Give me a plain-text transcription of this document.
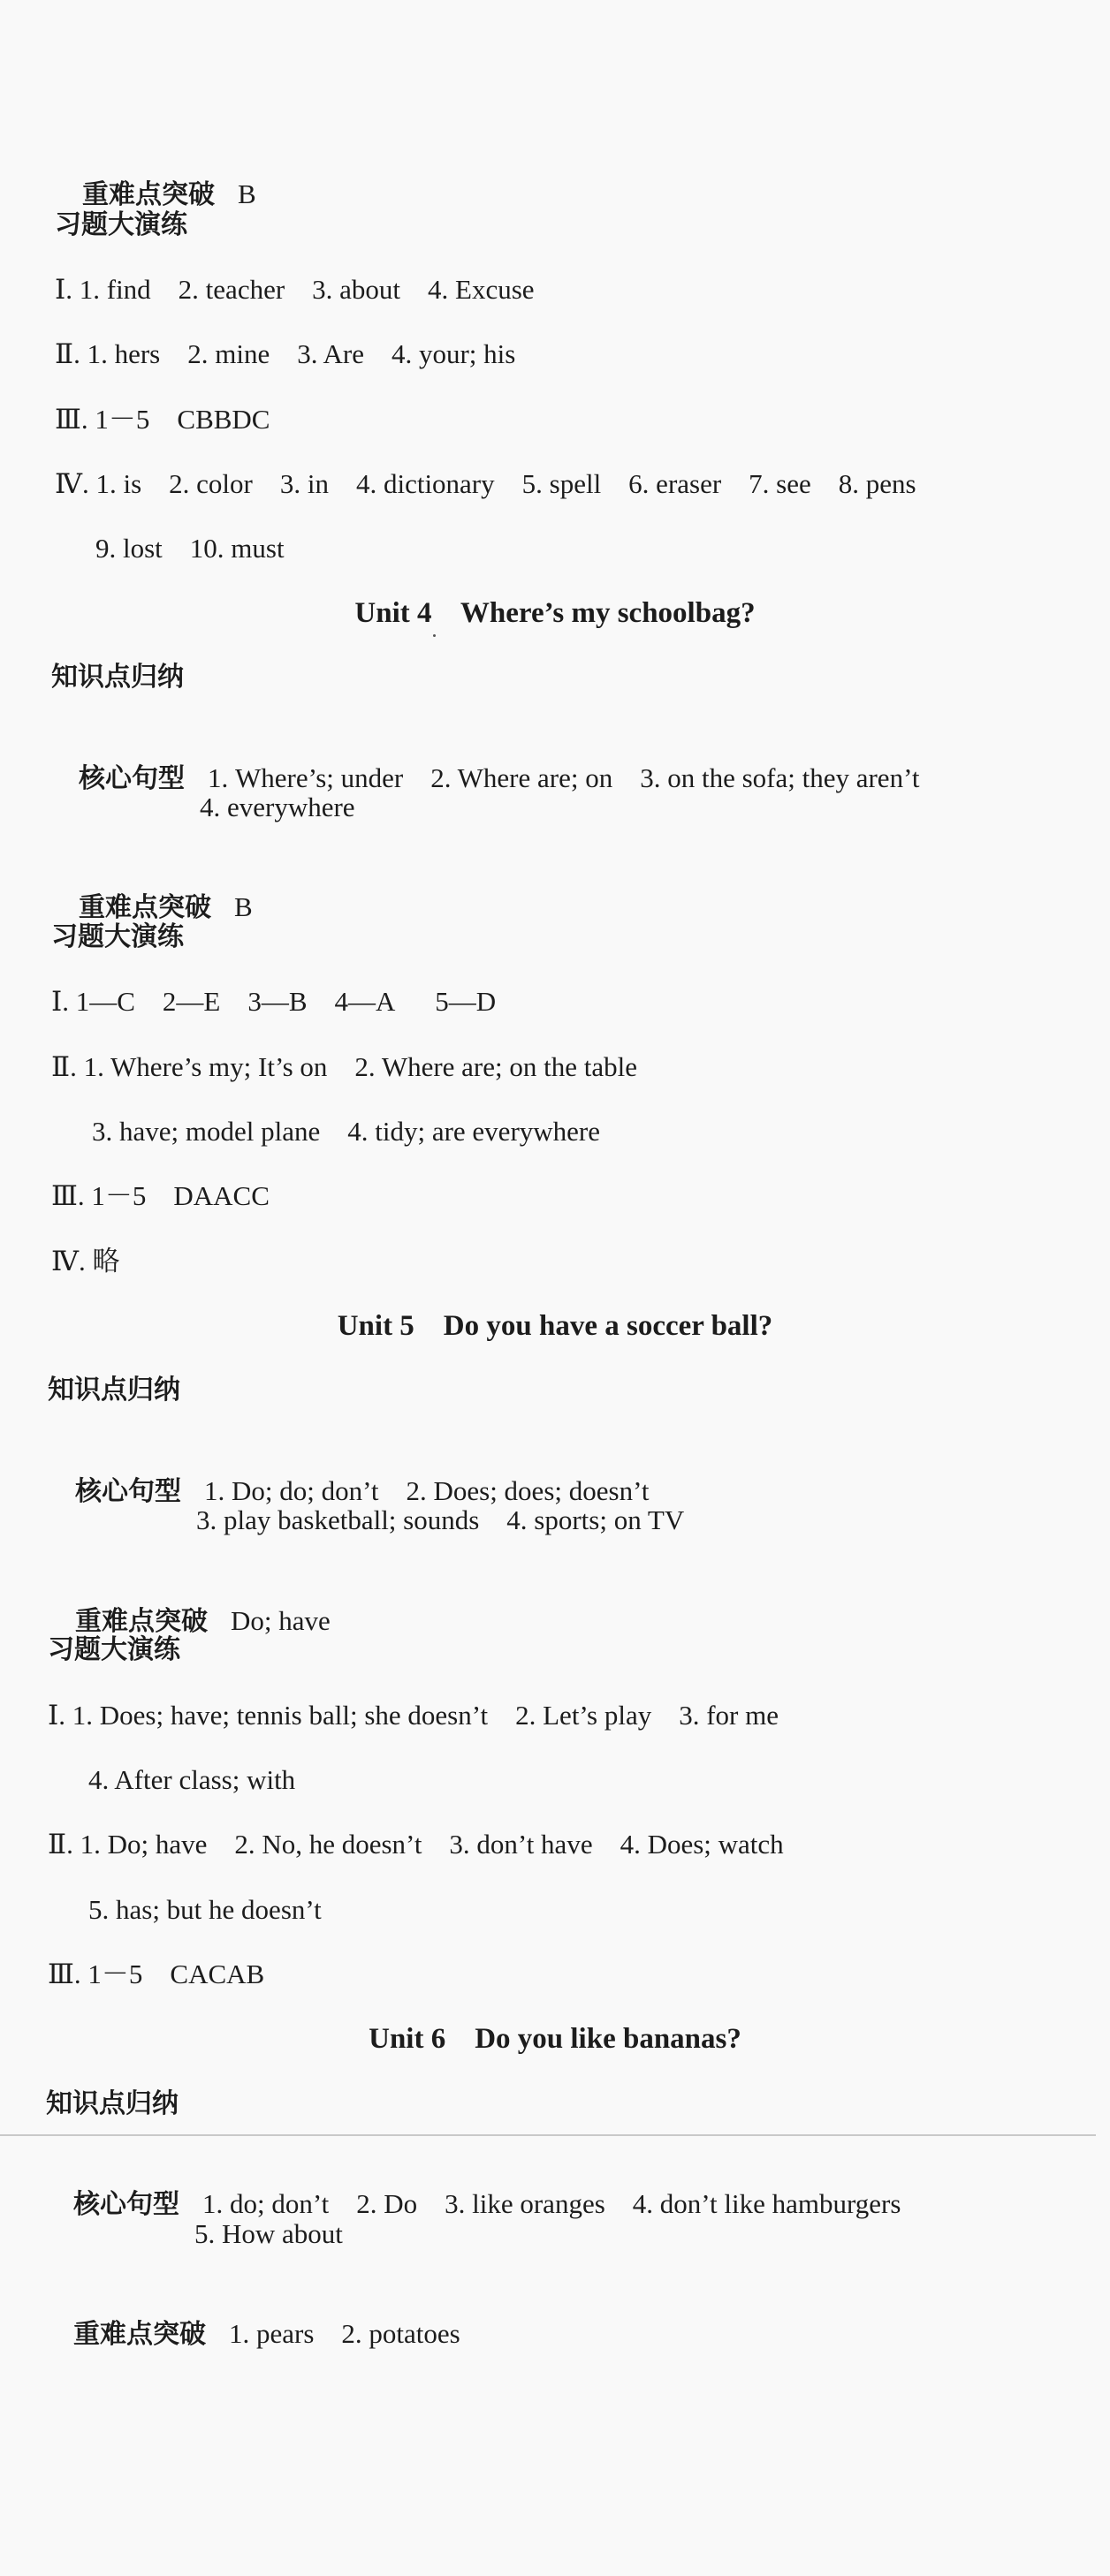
重难点突破 B

习题大演练
Ⅰ. 1. find    2. teacher    3. about    4. Excuse
Ⅱ. 1. hers    2. mine    3. Are    4. your; his
Ⅲ. 1－5    CBBDC
Ⅳ. 1. is    2. color    3. in    4. dictionary    5. spell    6. eraser    7. see    8. pens
9. lost    10. must
Unit 4    Where’s my schoolbag?
知识点归纳

核心句型 1. Where’s; under    2. Where are; on    3. on the sofa; they aren’t

4. everywhere

重难点突破 B

习题大演练
Ⅰ. 1—C    2—E    3—B    4—A      5—D
Ⅱ. 1. Where’s my; It’s on    2. Where are; on the table
3. have; model plane    4. tidy; are everywhere
Ⅲ. 1－5    DAACC
Ⅳ. 略
Unit 5    Do you have a soccer ball?
知识点归纳

核心句型 1. Do; do; don’t    2. Does; does; doesn’t

3. play basketball; sounds    4. sports; on TV

重难点突破 Do; have

习题大演练
Ⅰ. 1. Does; have; tennis ball; she doesn’t    2. Let’s play    3. for me
4. After class; with
Ⅱ. 1. Do; have    2. No, he doesn’t    3. don’t have    4. Does; watch
5. has; but he doesn’t
Ⅲ. 1－5    CACAB
Unit 6    Do you like bananas?
知识点归纳

核心句型 1. do; don’t    2. Do    3. like oranges    4. don’t like hamburgers

5. How about

重难点突破 1. pears    2. potatoes
